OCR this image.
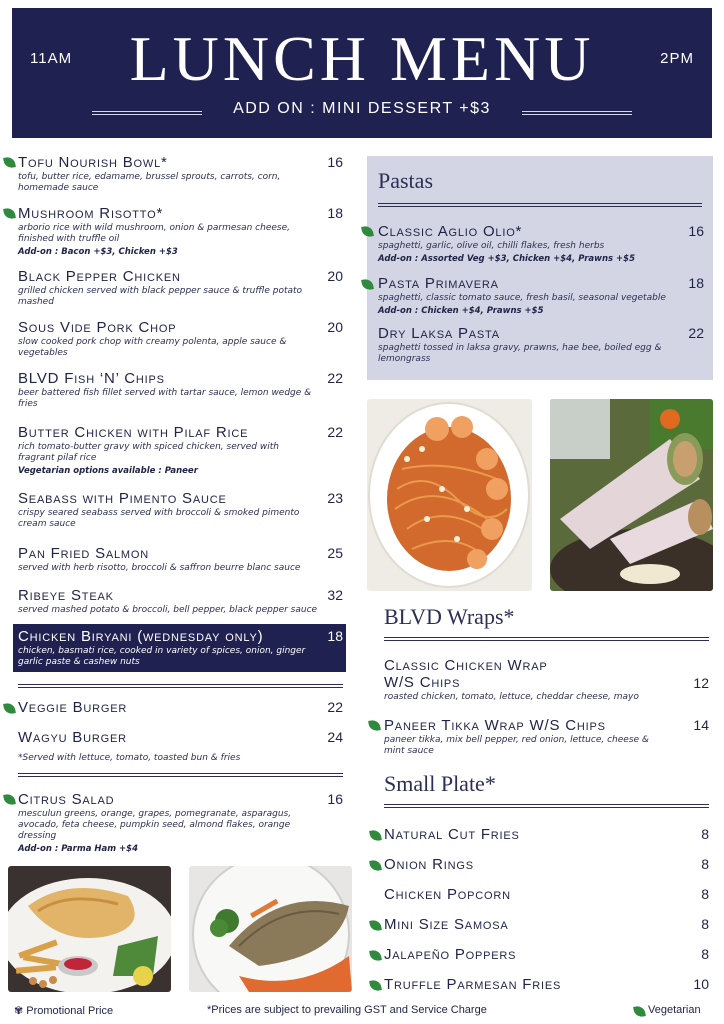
11AM LUNCH MENU	2PM
ADD ON : MINI DESSERT +$3
Tofu Nourish Bowl*	16
tofu, butter rice, edamame, brussel sprouts, carrots, corn, homemade sauce
Mushroom Risotto*	18
arborio rice with wild mushroom, onion & parmesan cheese, finished with truffle oil
Add-on : Bacon +$3, Chicken +$3
Black Pepper Chicken	20
grilled chicken served with black pepper sauce & truffle potato mashed
Sous Vide Pork Chop	20
slow cooked pork chop with creamy polenta, apple sauce & vegetables
BLVD Fish ‘N’ Chips	22
beer battered fish fillet served with tartar sauce, lemon wedge & fries
Butter Chicken with Pilaf Rice	22
rich tomato-butter gravy with spiced chicken, served with fragrant pilaf rice
Vegetarian options available : Paneer
Seabass with Pimento Sauce	23
crispy seared seabass served with broccoli & smoked pimento cream sauce
Pan Fried Salmon	25
served with herb risotto, broccoli & saffron beurre blanc sauce
Ribeye Steak	32
served mashed potato & broccoli, bell pepper, black pepper sauce
Chicken Biryani (wednesday only)	18
chicken, basmati rice, cooked in variety of spices, onion, ginger garlic paste & cashew nuts
Veggie Burger	22
Wagyu Burger	24
*Served with lettuce, tomato, toasted bun & fries
Citrus Salad	16
mesculun greens, orange, grapes, pomegranate, asparagus, avocado, feta cheese, pumpkin seed, almond flakes, orange dressing
Add-on : Parma Ham +$4
Pastas
Classic Aglio Olio*	16
spaghetti, garlic, olive oil, chilli flakes, fresh herbs
Add-on : Assorted Veg +$3, Chicken +$4, Prawns +$5
Pasta Primavera	18
spaghetti, classic tomato sauce, fresh basil, seasonal vegetable
Add-on : Chicken +$4, Prawns +$5
Dry Laksa Pasta	22
spaghetti tossed in laksa gravy, prawns, hae bee, boiled egg & lemongrass
BLVD Wraps*
Classic Chicken Wrap
W/S Chips	12
roasted chicken, tomato, lettuce, cheddar cheese, mayo
Paneer Tikka Wrap W/S Chips	14
paneer tikka, mix bell pepper, red onion, lettuce, cheese & mint sauce
Small Plate*
Natural Cut Fries	8
Onion Rings	8
Chicken Popcorn	8
Mini Size Samosa	8
Jalapeño Poppers	8
Truffle Parmesan Fries	10
✾ Promotional Price	*Prices are subject to prevailing GST and Service Charge	Vegetarian
